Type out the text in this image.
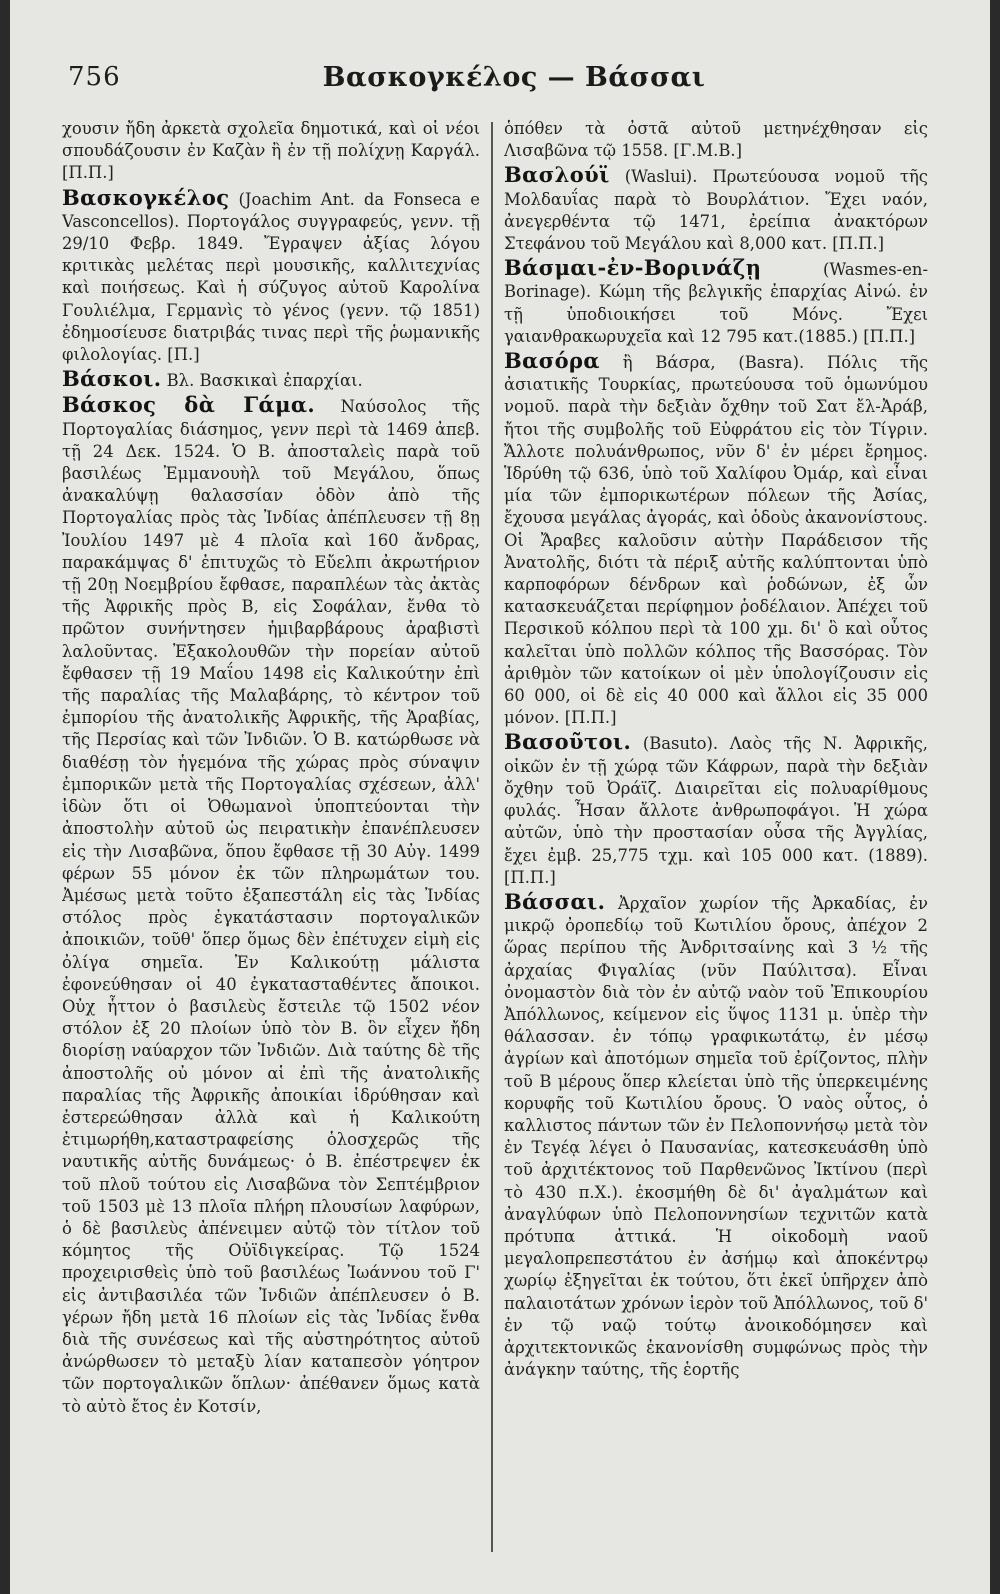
756	Βασκογκέλος — Βάσσαι

χουσιν ἤδη ἀρκετὰ σχολεῖα δημοτικά, καὶ οἱ νέοι σπουδάζουσιν ἐν Καζὰν ἢ ἐν τῇ πολίχνῃ Καργάλ. [Π.Π.]

Βασκογκέλος (Joachim Ant. da Fonseca e Vasconcellos). Πορτογάλος συγγραφεύς, γενν. τῇ 29/10 Φεβρ. 1849. Ἔγραψεν ἀξίας λόγου κριτικὰς μελέτας περὶ μουσικῆς, καλλιτεχνίας καὶ ποιήσεως. Καὶ ἡ σύζυγος αὐτοῦ Καρολίνα Γουλιέλμα, Γερμανὶς τὸ γένος (γενν. τῷ 1851) ἐδημοσίευσε διατριβάς τινας περὶ τῆς ῥωμανικῆς φιλολογίας. [Π.]

Βάσκοι. Βλ. Βασκικαὶ ἐπαρχίαι.

Βάσκος δὰ Γάμα. Ναύσολος τῆς Πορτογαλίας διάσημος, γενν περὶ τὰ 1469 ἀπεβ. τῇ 24 Δεκ. 1524. Ὁ Β. ἀποσταλεὶς παρὰ τοῦ βασιλέως Ἐμμανουὴλ τοῦ Μεγάλου, ὅπως ἀνακαλύψῃ θαλασσίαν ὁδὸν ἀπὸ τῆς Πορτογαλίας πρὸς τὰς Ἰνδίας ἀπέπλευσεν τῇ 8ῃ Ἰουλίου 1497 μὲ 4 πλοῖα καὶ 160 ἄνδρας, παρακάμψας δ' ἐπιτυχῶς τὸ Εὔελπι ἀκρωτήριον τῇ 20ῃ Νοεμβρίου ἔφθασε, παραπλέων τὰς ἀκτὰς τῆς Ἀφρικῆς πρὸς Β, εἰς Σοφάλαν, ἔνθα τὸ πρῶτον συνήντησεν ἡμιβαρβάρους ἀραβιστὶ λαλοῦντας. Ἐξακολουθῶν τὴν πορείαν αὐτοῦ ἔφθασεν τῇ 19 Μαΐου 1498 εἰς Καλικούτην ἐπὶ τῆς παραλίας τῆς Μαλαβάρης, τὸ κέντρον τοῦ ἐμπορίου τῆς ἀνατολικῆς Ἀφρικῆς, τῆς Ἀραβίας, τῆς Περσίας καὶ τῶν Ἰνδιῶν. Ὁ Β. κατώρθωσε νὰ διαθέσῃ τὸν ἡγεμόνα τῆς χώρας πρὸς σύναψιν ἐμπορικῶν μετὰ τῆς Πορτογαλίας σχέσεων, ἀλλ' ἰδὼν ὅτι οἱ Ὀθωμανοὶ ὑποπτεύονται τὴν ἀποστολὴν αὐτοῦ ὡς πειρατικὴν ἐπανέπλευσεν εἰς τὴν Λισαβῶνα, ὅπου ἔφθασε τῇ 30 Αὐγ. 1499 φέρων 55 μόνον ἐκ τῶν πληρωμάτων του. Ἀμέσως μετὰ τοῦτο ἐξαπεστάλη εἰς τὰς Ἰνδίας στόλος πρὸς ἐγκατάστασιν πορτογαλικῶν ἀποικιῶν, τοῦθ' ὅπερ ὅμως δὲν ἐπέτυχεν εἰμὴ εἰς ὀλίγα σημεῖα. Ἐν Καλικούτῃ μάλιστα ἐφονεύθησαν οἱ 40 ἐγκατασταθέντες ἄποικοι. Οὐχ ἧττον ὁ βασιλεὺς ἔστειλε τῷ 1502 νέον στόλον ἐξ 20 πλοίων ὑπὸ τὸν Β. ὃν εἶχεν ἤδη διορίσῃ ναύαρχον τῶν Ἰνδιῶν. Διὰ ταύτης δὲ τῆς ἀποστολῆς οὐ μόνον αἱ ἐπὶ τῆς ἀνατολικῆς παραλίας τῆς Ἀφρικῆς ἀποικίαι ἱδρύθησαν καὶ ἐστερεώθησαν ἀλλὰ καὶ ἡ Καλικούτη ἐτιμωρήθη,καταστραφείσης ὁλοσχερῶς τῆς ναυτικῆς αὐτῆς δυνάμεως· ὁ Β. ἐπέστρεψεν ἐκ τοῦ πλοῦ τούτου εἰς Λισαβῶνα τὸν Σεπτέμβριον τοῦ 1503 μὲ 13 πλοῖα πλήρη πλουσίων λαφύρων, ὁ δὲ βασιλεὺς ἀπένειμεν αὐτῷ τὸν τίτλον τοῦ κόμητος τῆς Οὐϊδιγκείρας. Τῷ 1524 προχειρισθεὶς ὑπὸ τοῦ βασιλέως Ἰωάννου τοῦ Γ' εἰς ἀντιβασιλέα τῶν Ἰνδιῶν ἀπέπλευσεν ὁ Β. γέρων ἤδη μετὰ 16 πλοίων εἰς τὰς Ἰνδίας ἔνθα διὰ τῆς συνέσεως καὶ τῆς αὐστηρότητος αὐτοῦ ἀνώρθωσεν τὸ μεταξὺ λίαν καταπεσὸν γόητρον τῶν πορτογαλικῶν ὅπλων· ἀπέθανεν ὅμως κατὰ τὸ αὐτὸ ἔτος ἐν Κοτσίν,

ὁπόθεν τὰ ὀστᾶ αὐτοῦ μετηνέχθησαν εἰς Λισαβῶνα τῷ 1558. [Γ.Μ.Β.]

Βασλούϊ (Waslui). Πρωτεύουσα νομοῦ τῆς Μολδαυΐας παρὰ τὸ Βουρλάτιον. Ἔχει ναόν, ἀνεγερθέντα τῷ 1471, ἐρείπια ἀνακτόρων Στεφάνου τοῦ Μεγάλου καὶ 8,000 κατ. [Π.Π.]

Βάσμαι-ἐν-Βορινάζῃ	(Wasmes-en-Borinage). Κώμη τῆς βελγικῆς ἐπαρχίας Αἰνώ. ἐν τῇ ὑποδιοικήσει τοῦ Μόνς. Ἔχει γαιανθρακωρυχεῖα καὶ 12 795 κατ.(1885.) [Π.Π.]

Βασόρα ἢ Βάσρα, (Basra). Πόλις τῆς ἀσιατικῆς Τουρκίας, πρωτεύουσα τοῦ ὁμωνύμου νομοῦ. παρὰ τὴν δεξιὰν ὄχθην τοῦ Σατ ἔλ-Ἀράβ, ἤτοι τῆς συμβολῆς τοῦ Εὐφράτου εἰς τὸν Τίγριν. Ἄλλοτε πολυάνθρωπος, νῦν δ' ἐν μέρει ἔρημος. Ἱδρύθη τῷ 636, ὑπὸ τοῦ Χαλίφου Ὀμάρ, καὶ εἶναι μία τῶν ἐμπορικωτέρων πόλεων τῆς Ἀσίας, ἔχουσα μεγάλας ἀγοράς, καὶ ὁδοὺς ἀκανονίστους. Οἱ Ἄραβες καλοῦσιν αὐτὴν Παράδεισον τῆς Ἀνατολῆς, διότι τὰ πέριξ αὐτῆς καλύπτονται ὑπὸ καρποφόρων δένδρων καὶ ῥοδώνων, ἐξ ὧν κατασκευάζεται περίφημον ῥοδέλαιον. Ἀπέχει τοῦ Περσικοῦ κόλπου περὶ τὰ 100 χμ. δι' ὃ καὶ οὗτος καλεῖται ὑπὸ πολλῶν κόλπος τῆς Βασσόρας. Τὸν ἀριθμὸν τῶν κατοίκων οἱ μὲν ὑπολογίζουσιν εἰς 60 000, οἱ δὲ εἰς 40 000 καὶ ἄλλοι εἰς 35 000 μόνον. [Π.Π.]

Βασοῦτοι. (Basuto). Λαὸς τῆς Ν. Ἀφρικῆς, οἰκῶν ἐν τῇ χώρᾳ τῶν Κάφρων, παρὰ τὴν δεξιὰν ὄχθην τοῦ Ὀράϊζ. Διαιρεῖται εἰς πολυαρίθμους φυλάς. Ἦσαν ἄλλοτε ἀνθρωποφάγοι. Ἡ χώρα αὐτῶν, ὑπὸ τὴν προστασίαν οὖσα τῆς Ἀγγλίας, ἔχει ἐμβ. 25,775 τχμ. καὶ 105 000 κατ. (1889). [Π.Π.]

Βάσσαι. Ἀρχαῖον χωρίον τῆς Ἀρκαδίας, ἐν μικρῷ ὀροπεδίῳ τοῦ Κωτιλίου ὄρους, ἀπέχον 2 ὥρας περίπου τῆς Ἀνδριτσαίνης καὶ 3 ½ τῆς ἀρχαίας Φιγαλίας (νῦν Παύλιτσα). Εἶναι ὀνομαστὸν διὰ τὸν ἐν αὐτῷ ναὸν τοῦ Ἐπικουρίου Ἀπόλλωνος, κείμενον εἰς ὕψος 1131 μ. ὑπὲρ τὴν θάλασσαν. ἐν τόπῳ γραφικωτάτῳ, ἐν μέσῳ ἀγρίων καὶ ἀποτόμων σημεῖα τοῦ ἐρίζοντος, πλὴν τοῦ Β μέρους ὅπερ κλείεται ὑπὸ τῆς ὑπερκειμένης κορυφῆς τοῦ Κωτιλίου ὄρους. Ὁ ναὸς οὗτος, ὁ καλλιστος πάντων τῶν ἐν Πελοποννήσῳ μετὰ τὸν ἐν Τεγέᾳ λέγει ὁ Παυσανίας, κατεσκευάσθη ὑπὸ τοῦ ἀρχιτέκτονος τοῦ Παρθενῶνος Ἰκτίνου (περὶ τὸ 430 π.Χ.). ἐκοσμήθη δὲ δι' ἀγαλμάτων καὶ ἀναγλύφων ὑπὸ Πελοποννησίων τεχνιτῶν κατὰ πρότυπα ἀττικά. Ἡ οἰκοδομὴ ναοῦ μεγαλοπρεπεστάτου ἐν ἀσήμῳ καὶ ἀποκέντρῳ χωρίῳ ἐξηγεῖται ἐκ τούτου, ὅτι ἐκεῖ ὑπῆρχεν ἀπὸ παλαιοτάτων χρόνων ἱερὸν τοῦ Ἀπόλλωνος, τοῦ δ' ἐν τῷ ναῷ τούτῳ ἀνοικοδόμησεν καὶ ἀρχιτεκτονικῶς ἐκανονίσθη συμφώνως πρὸς τὴν ἀνάγκην ταύτης, τῆς ἑορτῆς
